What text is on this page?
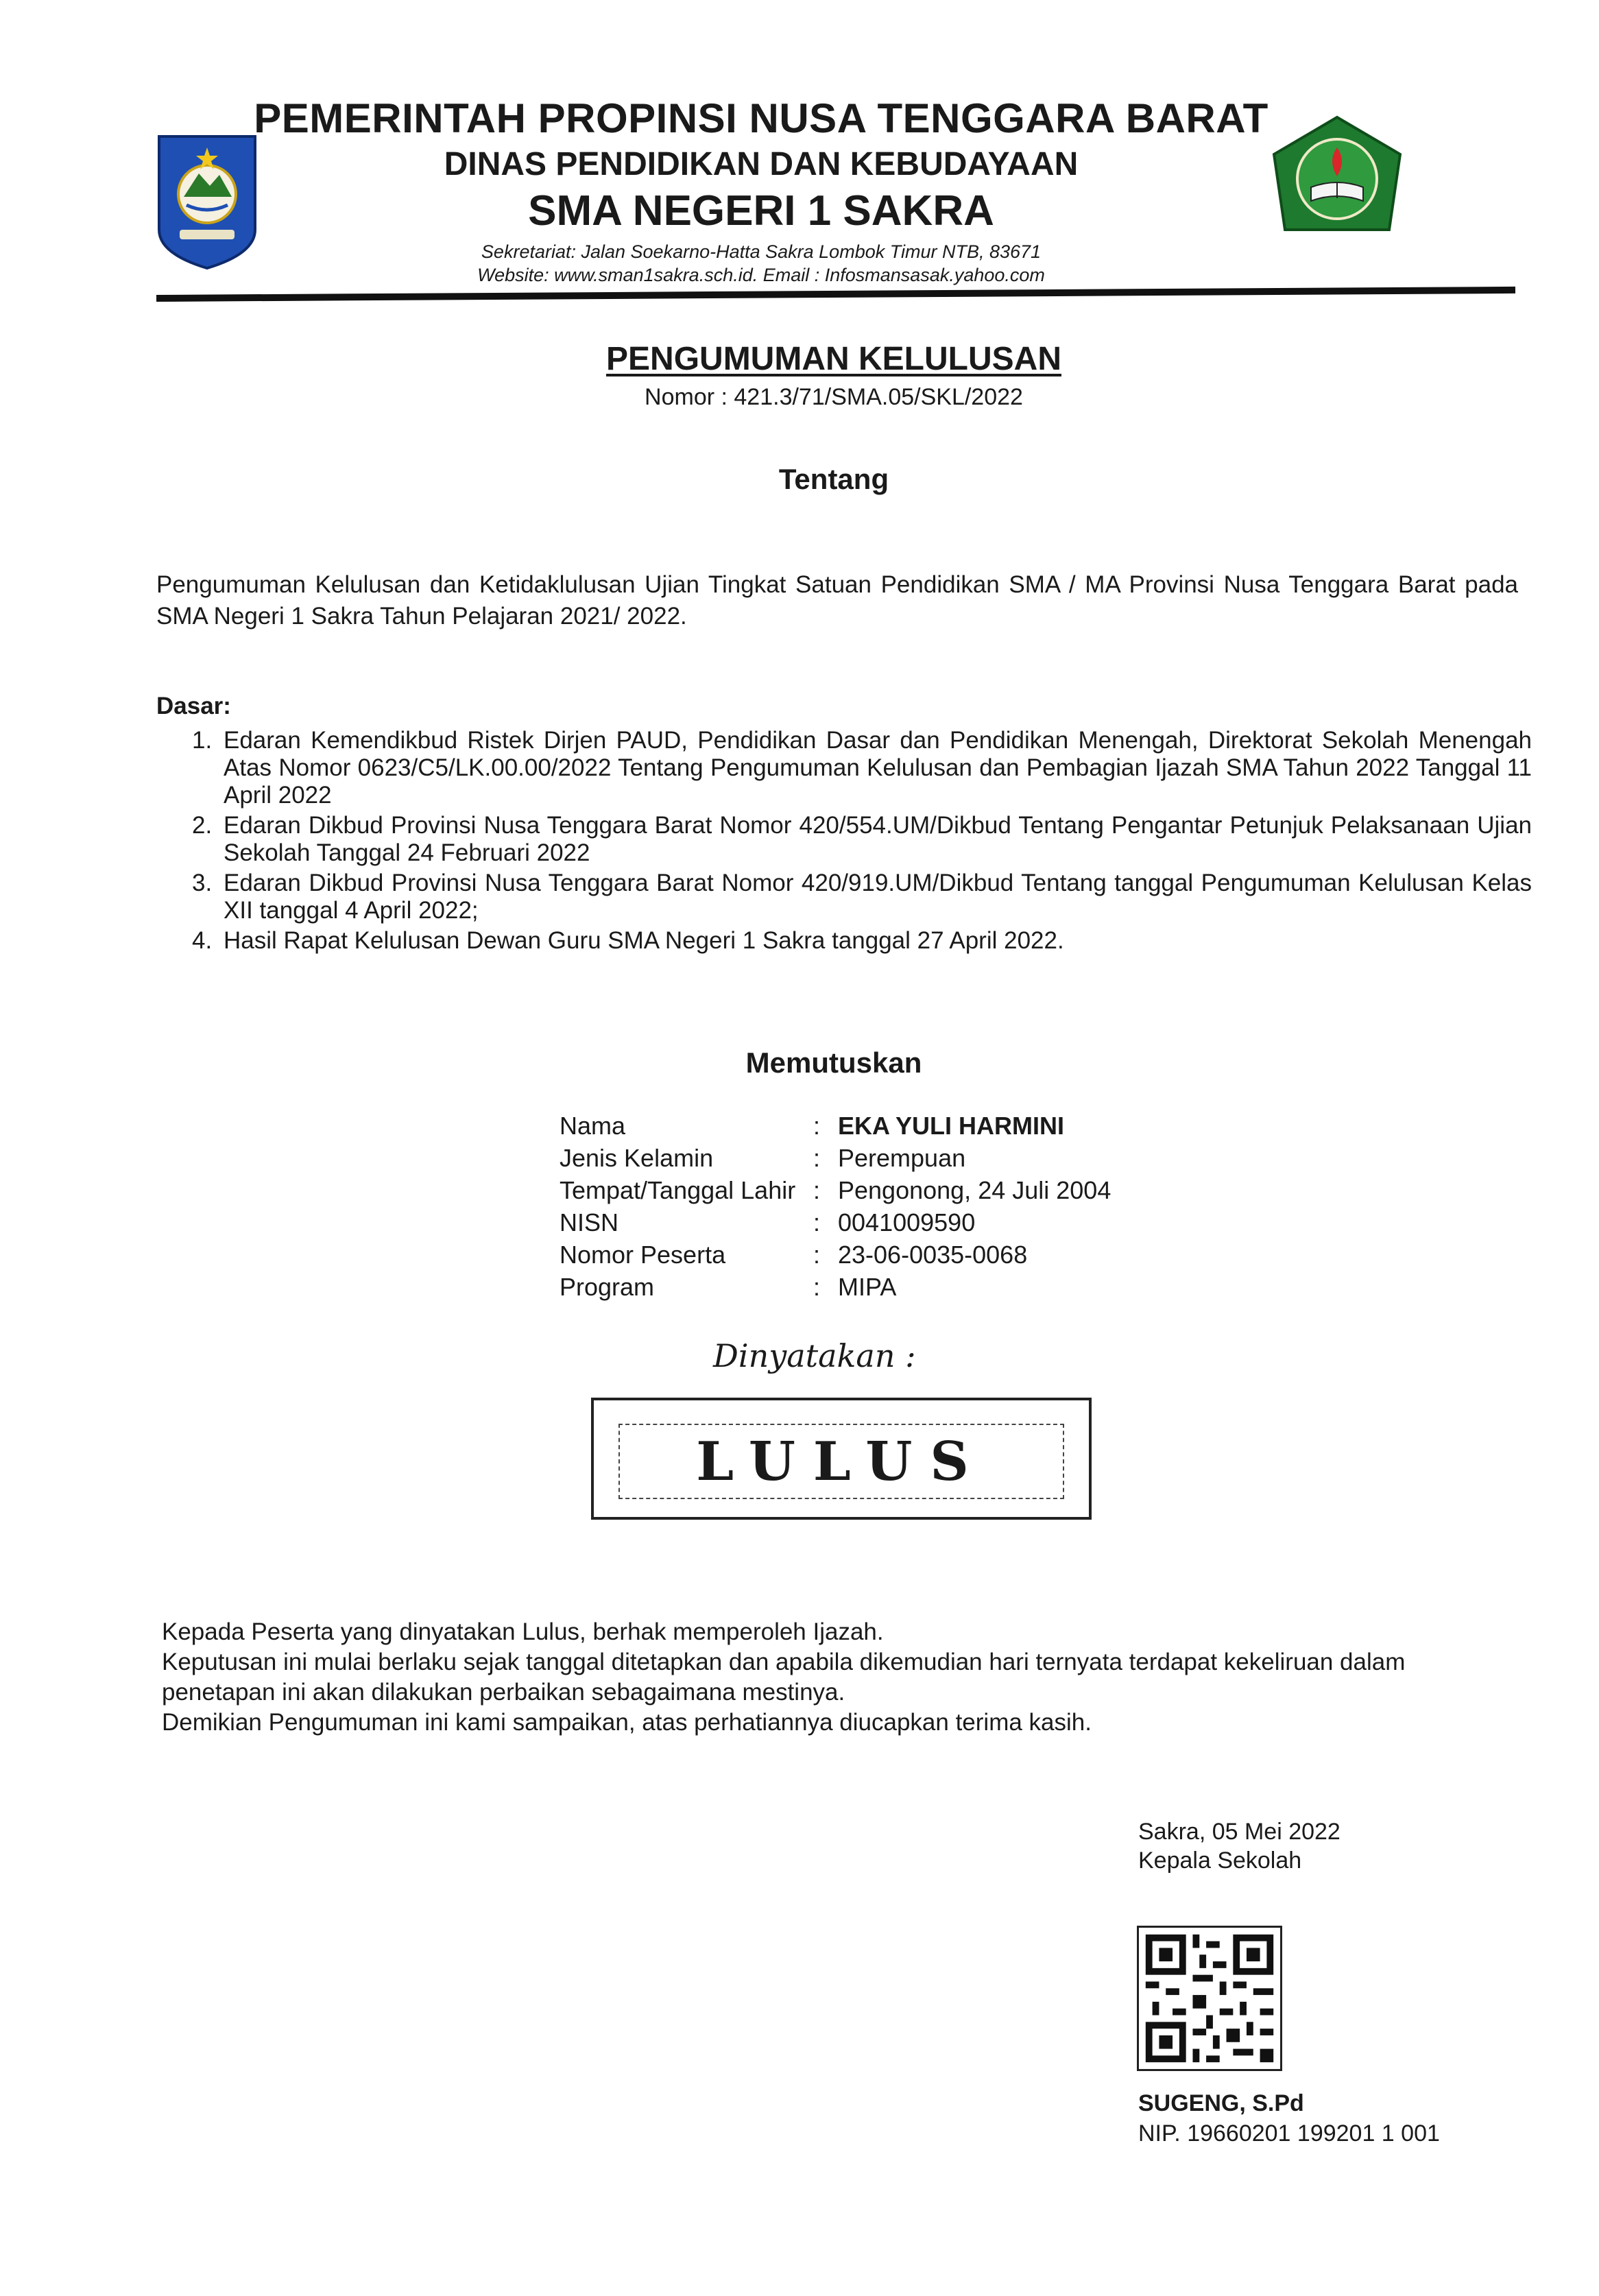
PEMERINTAH PROPINSI NUSA TENGGARA BARAT
DINAS PENDIDIKAN DAN KEBUDAYAAN
SMA NEGERI 1 SAKRA
Sekretariat: Jalan Soekarno-Hatta Sakra Lombok Timur NTB, 83671
Website: www.sman1sakra.sch.id. Email : Infosmansasak.yahoo.com
PENGUMUMAN KELULUSAN
Nomor : 421.3/71/SMA.05/SKL/2022
Tentang
Pengumuman Kelulusan dan Ketidaklulusan Ujian Tingkat Satuan Pendidikan SMA / MA Provinsi Nusa Tenggara Barat pada SMA Negeri 1 Sakra Tahun Pelajaran 2021/ 2022.
Dasar:
1. Edaran Kemendikbud Ristek Dirjen PAUD, Pendidikan Dasar dan Pendidikan Menengah, Direktorat Sekolah Menengah Atas Nomor 0623/C5/LK.00.00/2022 Tentang Pengumuman Kelulusan dan Pembagian Ijazah SMA Tahun 2022 Tanggal 11 April 2022
2. Edaran Dikbud Provinsi Nusa Tenggara Barat Nomor 420/554.UM/Dikbud Tentang Pengantar Petunjuk Pelaksanaan Ujian Sekolah Tanggal 24 Februari 2022
3. Edaran Dikbud Provinsi Nusa Tenggara Barat Nomor 420/919.UM/Dikbud Tentang tanggal Pengumuman Kelulusan Kelas XII tanggal 4 April 2022;
4. Hasil Rapat Kelulusan Dewan Guru SMA Negeri 1 Sakra tanggal 27 April 2022.
Memutuskan
Nama	: EKA YULI HARMINI
Jenis Kelamin	: Perempuan
Tempat/Tanggal Lahir : Pengonong, 24 Juli 2004
NISN	: 0041009590
Nomor Peserta	: 23-06-0035-0068
Program	: MIPA
Dinyatakan :
LULUS
Kepada Peserta yang dinyatakan Lulus, berhak memperoleh Ijazah.
Keputusan ini mulai berlaku sejak tanggal ditetapkan dan apabila dikemudian hari ternyata terdapat kekeliruan dalam penetapan ini akan dilakukan perbaikan sebagaimana mestinya.
Demikian Pengumuman ini kami sampaikan, atas perhatiannya diucapkan terima kasih.
Sakra, 05 Mei 2022
Kepala Sekolah
SUGENG, S.Pd
NIP. 19660201 199201 1 001
